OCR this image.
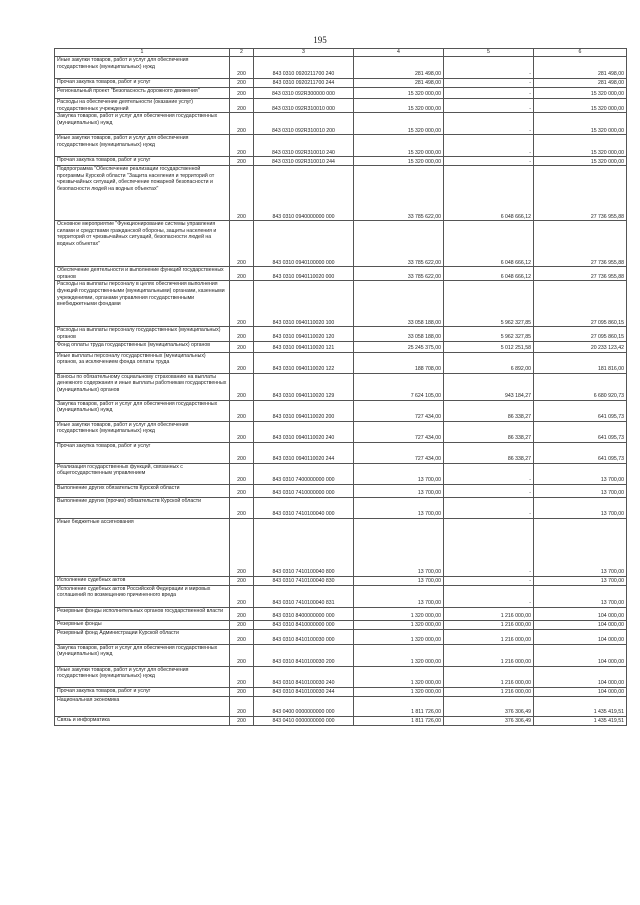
195
1	2	3	4	5	6
Иные закупки товаров, работ и услуг для обеспечения государственных (муниципальных) нужд	200	843 0310 0920211700 240	281 498,00	-	281 498,00
Прочая закупка товаров, работ и услуг	200	843 0310 0920211700 244	281 498,00	-	281 498,00
Региональный проект "Безопасность дорожного движения"	200	843 0310 092R300000 000	15 320 000,00	-	15 320 000,00
Расходы на обеспечение деятельности (оказание услуг) государственных учреждений	200	843 0310 092R310010 000	15 320 000,00	-	15 320 000,00
Закупка товаров, работ и услуг для обеспечения государственных (муниципальных) нужд	200	843 0310 092R310010 200	15 320 000,00	-	15 320 000,00
Иные закупки товаров, работ и услуг для обеспечения государственных (муниципальных) нужд	200	843 0310 092R310010 240	15 320 000,00	-	15 320 000,00
Прочая закупка товаров, работ и услуг	200	843 0310 092R310010 244	15 320 000,00	-	15 320 000,00
Подпрограмма "Обеспечение реализации государственной программы Курской области "Защита населения и территорий от чрезвычайных ситуаций, обеспечение пожарной безопасности и безопасности людей на водных объектах"	200	843 0310 0940000000 000	33 785 622,00	6 048 666,12	27 736 955,88
Основное мероприятие "Функционирование системы управления силами и средствами гражданской обороны, защиты населения и территорий от чрезвычайных ситуаций, безопасности людей на водных объектах"	200	843 0310 0940100000 000	33 785 622,00	6 048 666,12	27 736 955,88
Обеспечение деятельности и выполнение функций государственных органов	200	843 0310 0940110020 000	33 785 622,00	6 048 666,12	27 736 955,88
Расходы на выплаты персоналу в целях обеспечения выполнения функций государственными (муниципальными) органами, казенными учреждениями, органами управления государственными внебюджетными фондами	200	843 0310 0940110020 100	33 058 188,00	5 962 327,85	27 095 860,15
Расходы на выплаты персоналу государственных (муниципальных) органов	200	843 0310 0940110020 120	33 058 188,00	5 962 327,85	27 095 860,15
Фонд оплаты труда государственных (муниципальных) органов	200	843 0310 0940110020 121	25 245 375,00	5 012 251,58	20 233 123,42
Иные выплаты персоналу государственных (муниципальных) органов, за исключением фонда оплаты труда	200	843 0310 0940110020 122	188 708,00	6 892,00	181 816,00
Взносы по обязательному социальному страхованию на выплаты денежного содержания и иные выплаты работникам государственных (муниципальных) органов	200	843 0310 0940110020 129	7 624 105,00	943 184,27	6 680 920,73
Закупка товаров, работ и услуг для обеспечения государственных (муниципальных) нужд	200	843 0310 0940110020 200	727 434,00	86 338,27	641 095,73
Иные закупки товаров, работ и услуг для обеспечения государственных (муниципальных) нужд	200	843 0310 0940110020 240	727 434,00	86 338,27	641 095,73
Прочая закупка товаров, работ и услуг	200	843 0310 0940110020 244	727 434,00	86 338,27	641 095,73
Реализация государственных функций, связанных с общегосударственным управлением	200	843 0310 7400000000 000	13 700,00	-	13 700,00
Выполнение других обязательств Курской области	200	843 0310 7410000000 000	13 700,00	-	13 700,00
Выполнение других (прочих) обязательств Курской области	200	843 0310 7410100040 000	13 700,00	-	13 700,00
Иные бюджетные ассигнования	200	843 0310 7410100040 800	13 700,00	-	13 700,00
Исполнение судебных актов	200	843 0310 7410100040 830	13 700,00	-	13 700,00
Исполнение судебных актов Российской Федерации и мировых соглашений по возмещению причиненного вреда	200	843 0310 7410100040 831	13 700,00	-	13 700,00
Резервные фонды исполнительных органов государственной власти	200	843 0310 8400000000 000	1 320 000,00	1 216 000,00	104 000,00
Резервные фонды	200	843 0310 8410000000 000	1 320 000,00	1 216 000,00	104 000,00
Резервный фонд Администрации Курской области	200	843 0310 8410100030 000	1 320 000,00	1 216 000,00	104 000,00
Закупка товаров, работ и услуг для обеспечения государственных (муниципальных) нужд	200	843 0310 8410100030 200	1 320 000,00	1 216 000,00	104 000,00
Иные закупки товаров, работ и услуг для обеспечения государственных (муниципальных) нужд	200	843 0310 8410100030 240	1 320 000,00	1 216 000,00	104 000,00
Прочая закупка товаров, работ и услуг	200	843 0310 8410100030 244	1 320 000,00	1 216 000,00	104 000,00
Национальная экономика	200	843 0400 0000000000 000	1 811 726,00	376 306,49	1 435 419,51
Связь и информатика	200	843 0410 0000000000 000	1 811 726,00	376 306,49	1 435 419,51
